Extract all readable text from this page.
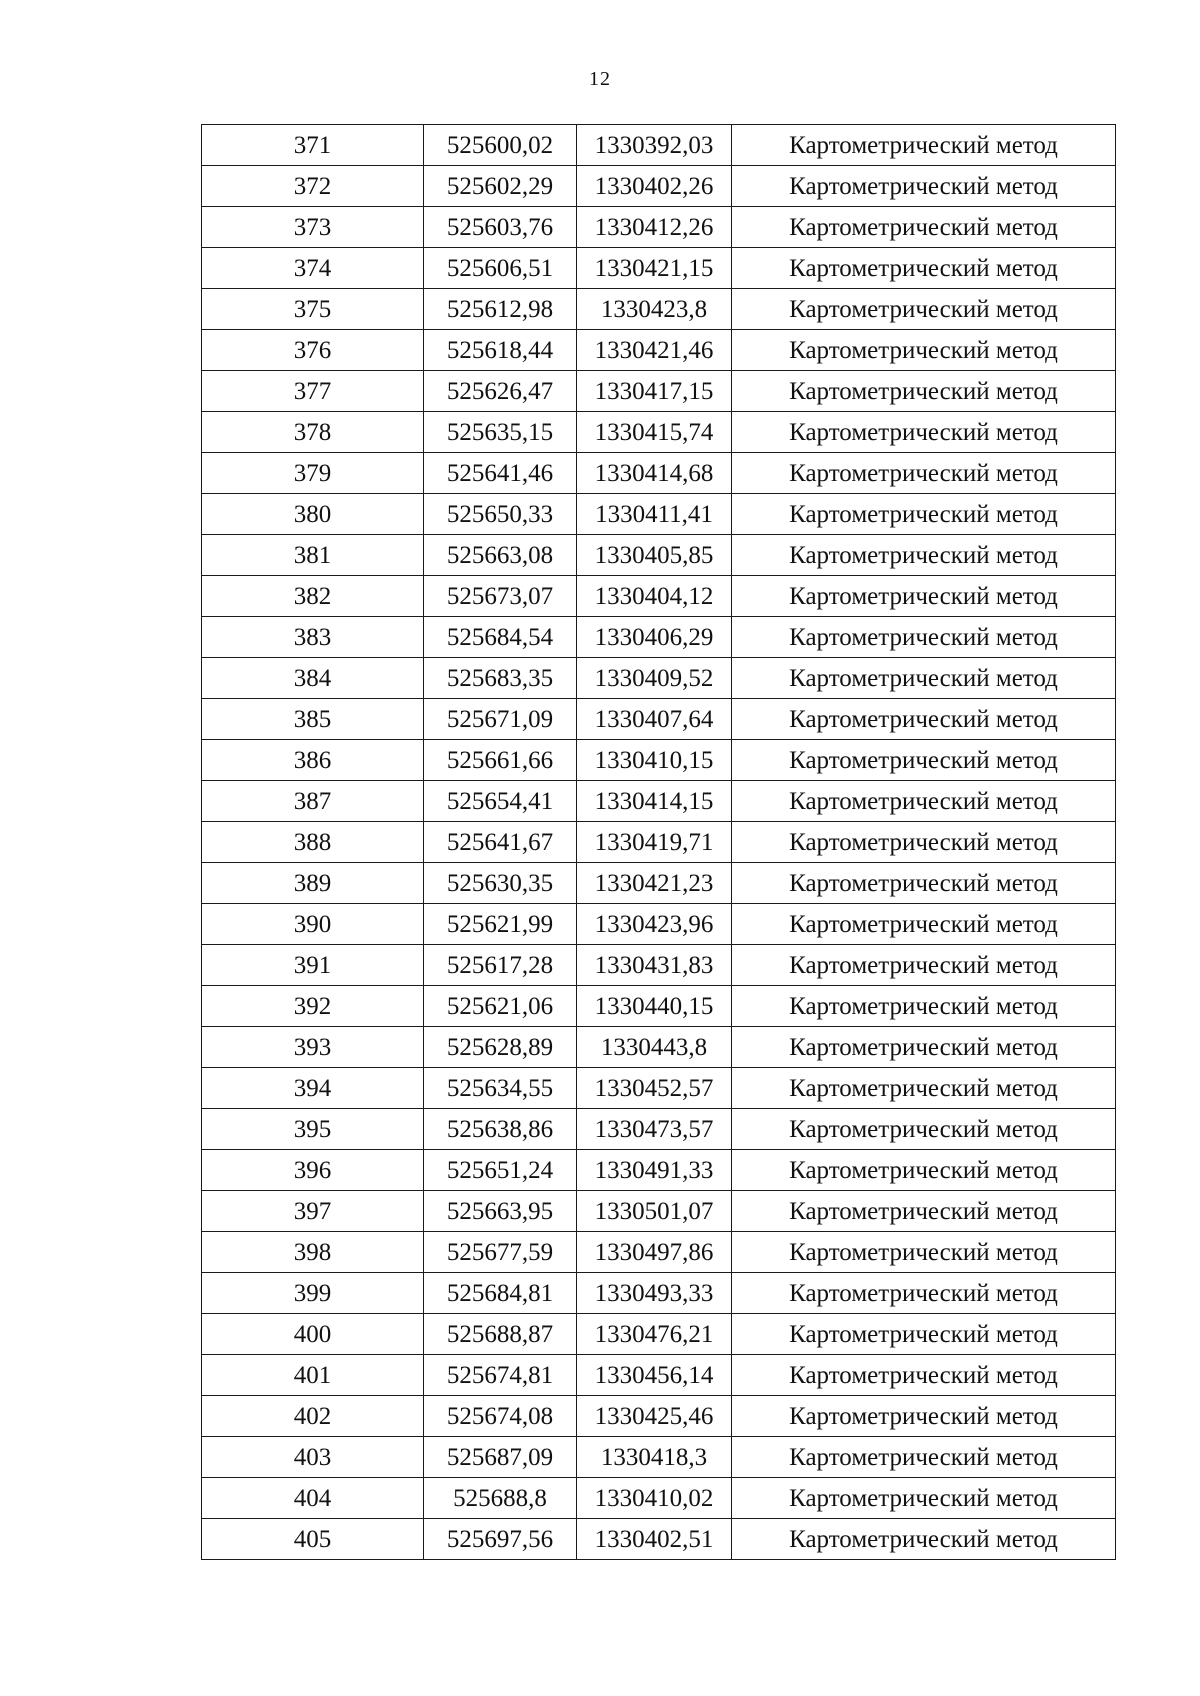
12
371	525600,02	1330392,03	Картометрический метод
372	525602,29	1330402,26	Картометрический метод
373	525603,76	1330412,26	Картометрический метод
374	525606,51	1330421,15	Картометрический метод
375	525612,98	1330423,8	Картометрический метод
376	525618,44	1330421,46	Картометрический метод
377	525626,47	1330417,15	Картометрический метод
378	525635,15	1330415,74	Картометрический метод
379	525641,46	1330414,68	Картометрический метод
380	525650,33	1330411,41	Картометрический метод
381	525663,08	1330405,85	Картометрический метод
382	525673,07	1330404,12	Картометрический метод
383	525684,54	1330406,29	Картометрический метод
384	525683,35	1330409,52	Картометрический метод
385	525671,09	1330407,64	Картометрический метод
386	525661,66	1330410,15	Картометрический метод
387	525654,41	1330414,15	Картометрический метод
388	525641,67	1330419,71	Картометрический метод
389	525630,35	1330421,23	Картометрический метод
390	525621,99	1330423,96	Картометрический метод
391	525617,28	1330431,83	Картометрический метод
392	525621,06	1330440,15	Картометрический метод
393	525628,89	1330443,8	Картометрический метод
394	525634,55	1330452,57	Картометрический метод
395	525638,86	1330473,57	Картометрический метод
396	525651,24	1330491,33	Картометрический метод
397	525663,95	1330501,07	Картометрический метод
398	525677,59	1330497,86	Картометрический метод
399	525684,81	1330493,33	Картометрический метод
400	525688,87	1330476,21	Картометрический метод
401	525674,81	1330456,14	Картометрический метод
402	525674,08	1330425,46	Картометрический метод
403	525687,09	1330418,3	Картометрический метод
404	525688,8	1330410,02	Картометрический метод
405	525697,56	1330402,51	Картометрический метод
